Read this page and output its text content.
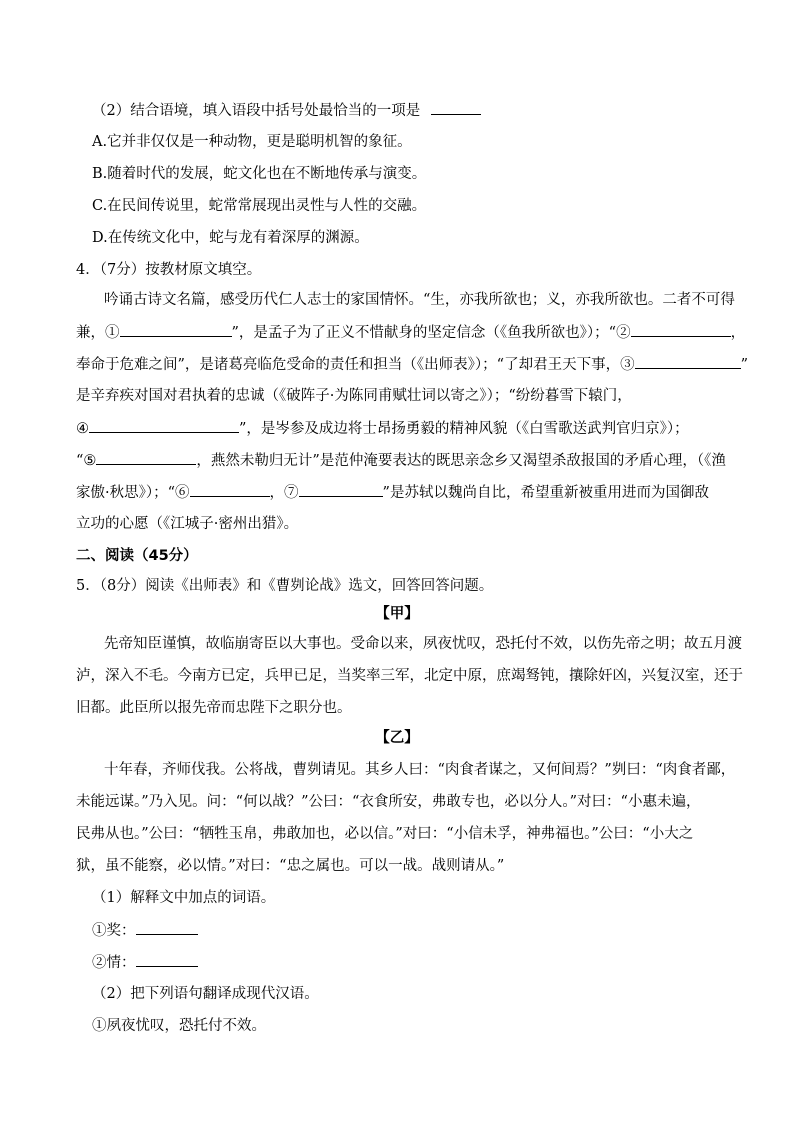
（2）结合语境，填入语段中括号处最恰当的一项是
A.它并非仅仅是一种动物，更是聪明机智的象征。
B.随着时代的发展，蛇文化也在不断地传承与演变。
C.在民间传说里，蛇常常展现出灵性与人性的交融。
D.在传统文化中，蛇与龙有着深厚的渊源。
4．（7分）按教材原文填空。
吟诵古诗文名篇，感受历代仁人志士的家国情怀。“生，亦我所欲也；义，亦我所欲也。二者不可得
兼，①	”，是孟子为了正义不惜献身的坚定信念（《鱼我所欲也》）；“②	，
奉命于危难之间”，是诸葛亮临危受命的责任和担当（《出师表》）；“了却君王天下事，③	”
是辛弃疾对国对君执着的忠诚（《破阵子·为陈同甫赋壮词以寄之》）；“纷纷暮雪下辕门，
④	”，是岑参及成边将士昂扬勇毅的精神风貌（《白雪歌送武判官归京》）；
“⑤	，燕然未勒归无计”是范仲淹要表达的既思亲念乡又渴望杀敌报国的矛盾心理，（《渔
家傲·秋思》）；“⑥	，⑦	”是苏轼以魏尚自比，希望重新被重用进而为国御敌
立功的心愿（《江城子·密州出猎》。
二、阅读（45分）
5．（8分）阅读《出师表》和《曹刿论战》选文，回答回答问题。
【甲】
先帝知臣谨慎，故临崩寄臣以大事也。受命以来，夙夜忧叹，恐托付不效，以伤先帝之明；故五月渡
泸，深入不毛。今南方已定，兵甲已足，当奖率三军，北定中原，庶竭驽钝，攘除奸凶，兴复汉室，还于
旧都。此臣所以报先帝而忠陛下之职分也。
【乙】
十年春，齐师伐我。公将战，曹刿请见。其乡人曰：“肉食者谋之，又何间焉？”刿曰：“肉食者鄙，
未能远谋。”乃入见。问：“何以战？”公曰：“衣食所安，弗敢专也，必以分人。”对曰：“小惠未遍，
民弗从也。”公曰：“牺牲玉帛，弗敢加也，必以信。”对曰：“小信未孚，神弗福也。”公曰：“小大之
狱，虽不能察，必以情。”对曰：“忠之属也。可以一战。战则请从。”
（1）解释文中加点的词语。
①奖：
②情：
（2）把下列语句翻译成现代汉语。
①夙夜忧叹，恐托付不效。
